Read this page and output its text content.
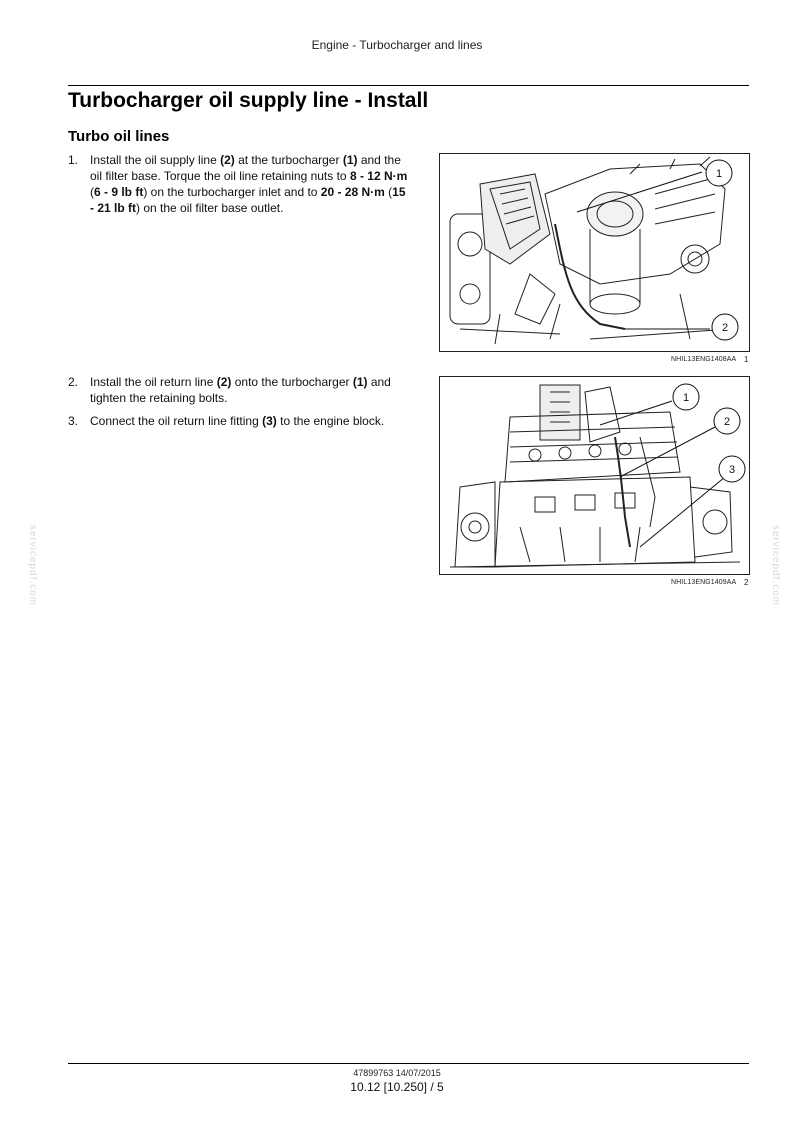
Engine - Turbocharger and lines
Turbocharger oil supply line - Install
Turbo oil lines
1. Install the oil supply line (2) at the turbocharger (1) and the oil filter base. Torque the oil line retaining nuts to 8 - 12 N·m (6 - 9 lb ft) on the turbocharger inlet and to 20 - 28 N·m (15 - 21 lb ft) on the oil filter base outlet.
2. Install the oil return line (2) onto the turbocharger (1) and tighten the retaining bolts.
3. Connect the oil return line fitting (3) to the engine block.
1
2
NHIL13ENG1408AA 1
1
2
3
NHIL13ENG1409AA 2
servicepdf.com	servicepdf.com
47899763 14/07/2015
10.12 [10.250] / 5
